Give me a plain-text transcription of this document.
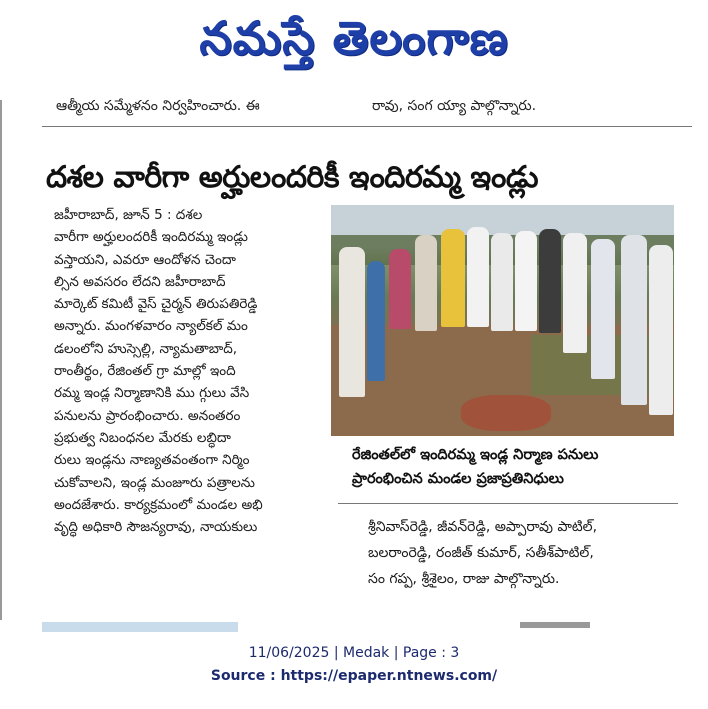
నమస్తే తెలంగాణ
ఆత్మీయ సమ్మేళనం నిర్వహించారు. ఈ	రావు, సంగ య్యా పాల్గొన్నారు.
దశల వారీగా అర్హులందరికీ ఇందిరమ్మ ఇండ్లు
జహీరాబాద్, జూన్ 5 : దశల
వారీగా అర్హులందరికీ ఇందిరమ్మ ఇండ్లు
వస్తాయని, ఎవరూ ఆందోళన చెందా
ల్సిన అవసరం లేదని జహీరాబాద్
మార్కెట్ కమిటీ వైస్ చైర్మన్ తిరుపతిరెడ్డి
అన్నారు. మంగళవారం న్యాల్‌కల్ మం
డలంలోని హుస్సెల్లి, న్యామతాబాద్,
రాంతీర్థం, రేజింతల్ గ్రా మాల్లో ఇంది
రమ్మ ఇండ్ల నిర్మాణానికి ము గ్గులు వేసి
పనులను ప్రారంభించారు. అనంతరం
ప్రభుత్వ నిబంధనల మేరకు లబ్ధిదా
రులు ఇండ్లను నాణ్యతవంతంగా నిర్మిం
చుకోవాలని, ఇండ్ల మంజూరు పత్రాలను
అందజేశారు. కార్యక్రమంలో మండల అభి
వృద్ధి అధికారి సౌజన్యరావు, నాయకులు
రేజింతల్‌లో ఇందిరమ్మ ఇండ్ల నిర్మాణ పనులు
ప్రారంభించిన మండల ప్రజాప్రతినిధులు
శ్రీనివాస్‌రెడ్డి, జీవన్‌రెడ్డి, అప్పారావు పాటిల్,
బలరాంరెడ్డి, రంజీత్ కుమార్, సతీశ్‌పాటిల్,
సం గప్ప, శ్రీశైలం, రాజు పాల్గొన్నారు.
11/06/2025 | Medak | Page : 3
Source : https://epaper.ntnews.com/
